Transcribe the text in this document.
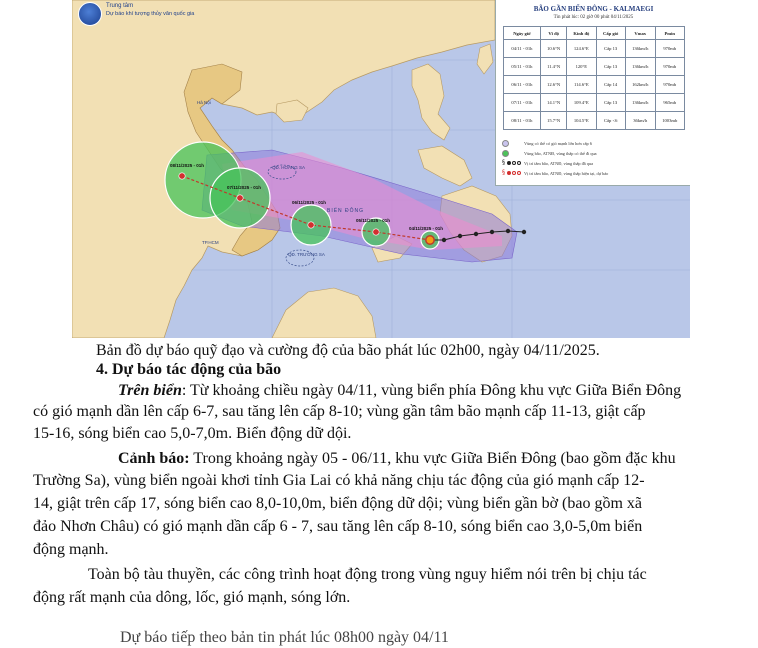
Trung tâm
Dự báo khí tượng thủy văn quốc gia
08/11/2025 - 01h
07/11/2025 - 01h
06/11/2025 - 01h
05/11/2025 - 01h
04/11/2025 - 01h
Hà Nội
QĐ. HOÀNG SA
QĐ. TRƯỜNG SA
BIỂN ĐÔNG
TP.HCM
BÃO GẦN BIỂN ĐÔNG - KALMAEGI
Tin phát lúc: 02 giờ 00 phút 04/11/2025
Ngày giờ	Vĩ độ	Kinh độ	Cấp gió	Vmax	Pmin
04/11 - 01h	10.6°N	124.6°E	Cấp 13	136km/h	970mb
05/11 - 01h	11.4°N	120°E	Cấp 13	136km/h	970mb
06/11 - 01h	12.6°N	114.6°E	Cấp 14	162km/h	970mb
07/11 - 01h	14.1°N	109.4°E	Cấp 13	136km/h	965mb
08/11 - 01h	15.7°N	104.5°E	Cấp <6	36km/h	1003mb
Vùng có thể có gió mạnh lớn hơn cấp 6
Vùng bão, ATNĐ, vùng thấp có thể đi qua
§	Vị trí tâm bão, ATNĐ, vùng thấp đã qua
§	Vị trí tâm bão, ATNĐ, vùng thấp hiện tại, dự báo
Bản đồ dự báo quỹ đạo và cường độ của bão phát lúc 02h00, ngày 04/11/2025.
4. Dự báo tác động của bão
Trên biển: Từ khoảng chiều ngày 04/11, vùng biển phía Đông khu vực Giữa Biển Đông
có gió mạnh dần lên cấp 6-7, sau tăng lên cấp 8-10; vùng gần tâm bão mạnh cấp 11-13, giật cấp
15-16, sóng biển cao 5,0-7,0m. Biển động dữ dội.
Cảnh báo: Trong khoảng ngày 05 - 06/11, khu vực Giữa Biển Đông (bao gồm đặc khu
Trường Sa), vùng biển ngoài khơi tỉnh Gia Lai có khả năng chịu tác động của gió mạnh cấp 12-
14, giật trên cấp 17, sóng biển cao 8,0-10,0m, biển động dữ dội; vùng biển gần bờ (bao gồm xã
đảo Nhơn Châu) có gió mạnh dần cấp 6 - 7, sau tăng lên cấp 8-10, sóng biển cao 3,0-5,0m biển
động mạnh.
Toàn bộ tàu thuyền, các công trình hoạt động trong vùng nguy hiểm nói trên bị chịu tác
động rất mạnh của dông, lốc, gió mạnh, sóng lớn.
Dự báo tiếp theo bản tin phát lúc 08h00 ngày 04/11
